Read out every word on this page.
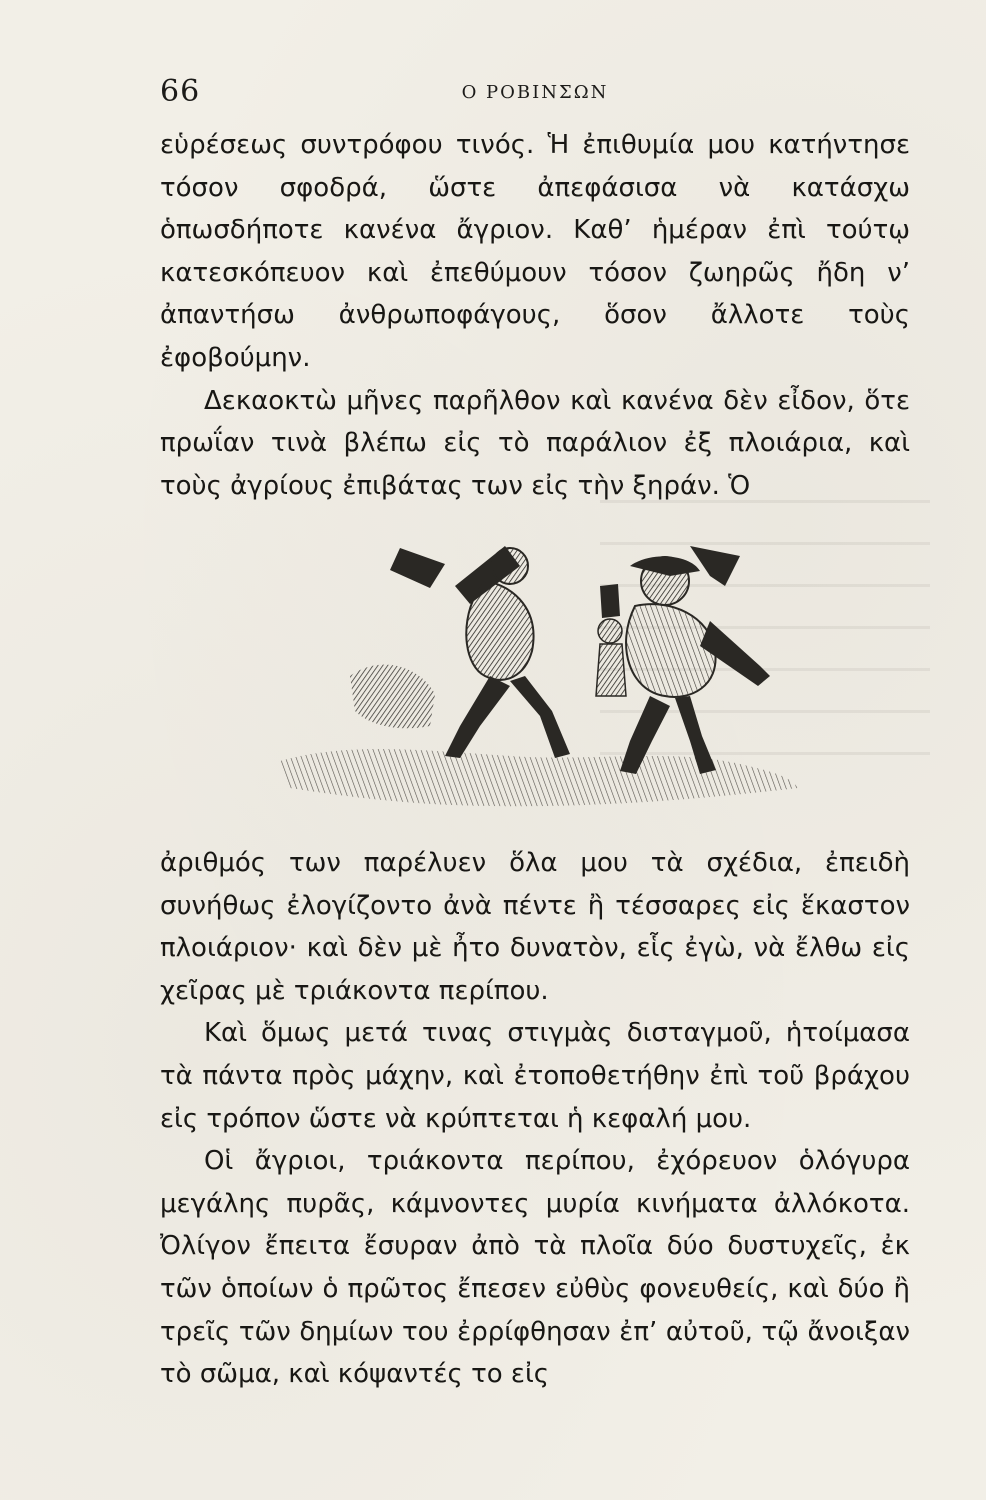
66	Ο ΡΟΒΙΝΣΩΝ

εὑρέσεως συντρόφου τινός. Ἡ ἐπιθυμία μου κατήντησε τόσον σφοδρά, ὥστε ἀπεφάσισα νὰ κατάσχω ὁπωσδήποτε κανένα ἄγριον. Καθ’ ἡμέραν ἐπὶ τούτῳ κατεσκόπευον καὶ ἐπεθύμουν τόσον ζωηρῶς ἤδη ν’ ἀπαντήσω ἀνθρωποφάγους, ὅσον ἄλλοτε τοὺς ἐφοβούμην.

Δεκαοκτὼ μῆνες παρῆλθον καὶ κανένα δὲν εἶδον, ὅτε πρωΐαν τινὰ βλέπω εἰς τὸ παράλιον ἐξ πλοιάρια, καὶ τοὺς ἀγρίους ἐπιβάτας των εἰς τὴν ξηράν. Ὁ

ἀριθμός των παρέλυεν ὅλα μου τὰ σχέδια, ἐπειδὴ συνήθως ἐλογίζοντο ἀνὰ πέντε ἢ τέσσαρες εἰς ἕκαστον πλοιάριον· καὶ δὲν μὲ ἦτο δυνατὸν, εἷς ἐγὼ, νὰ ἔλθω εἰς χεῖρας μὲ τριάκοντα περίπου.

Καὶ ὅμως μετά τινας στιγμὰς δισταγμοῦ, ἡτοίμασα τὰ πάντα πρὸς μάχην, καὶ ἐτοποθετήθην ἐπὶ τοῦ βράχου εἰς τρόπον ὥστε νὰ κρύπτεται ἡ κεφαλή μου.

Οἱ ἄγριοι, τριάκοντα περίπου, ἐχόρευον ὁλόγυρα μεγάλης πυρᾶς, κάμνοντες μυρία κινήματα ἀλλόκοτα. Ὀλίγον ἔπειτα ἔσυραν ἀπὸ τὰ πλοῖα δύο δυστυχεῖς, ἐκ τῶν ὁποίων ὁ πρῶτος ἔπεσεν εὐθὺς φονευθείς, καὶ δύο ἢ τρεῖς τῶν δημίων του ἐρρίφθησαν ἐπ’ αὐτοῦ, τῷ ἄνοιξαν τὸ σῶμα, καὶ κόψαντές το εἰς
